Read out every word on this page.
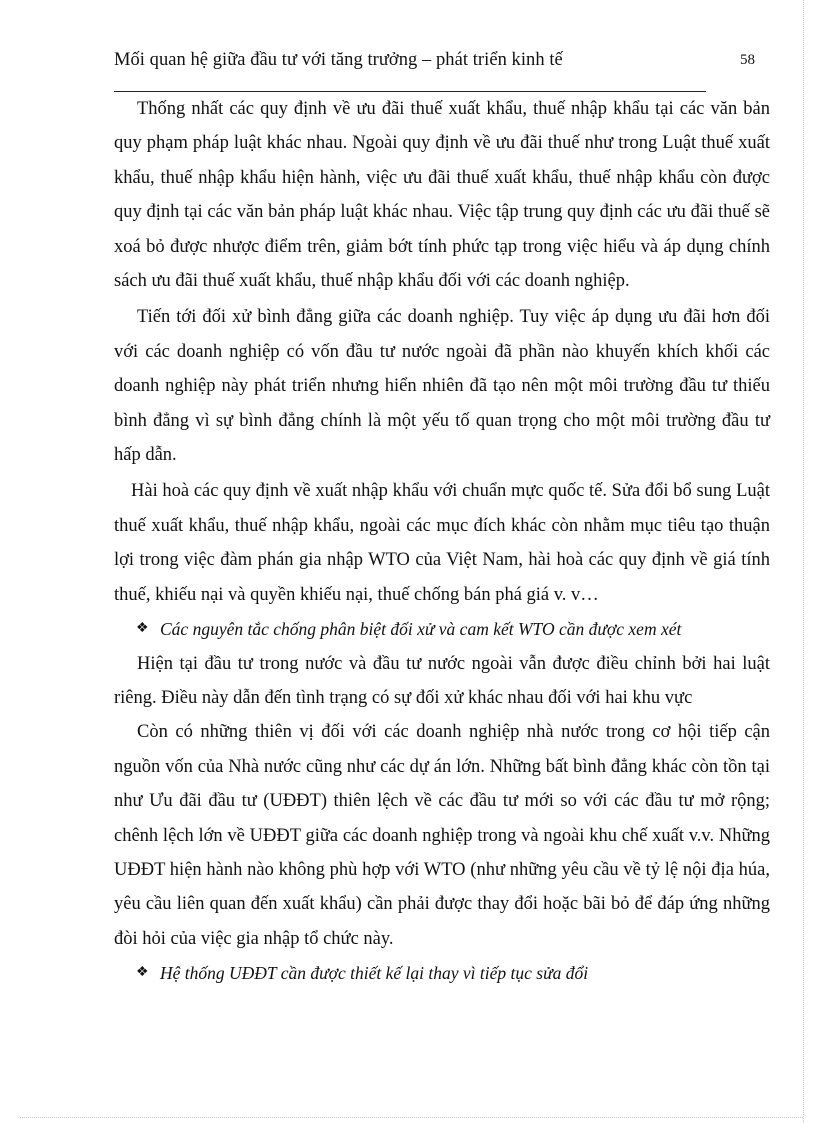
Mối quan hệ giữa đầu tư với tăng trưởng – phát triển kinh tế	58

Thống nhất các quy định về ưu đãi thuế xuất khẩu, thuế nhập khẩu tại các văn bản quy phạm pháp luật khác nhau. Ngoài quy định về ưu đãi thuế như trong Luật thuế xuất khẩu, thuế nhập khẩu hiện hành, việc ưu đãi thuế xuất khẩu, thuế nhập khẩu còn được quy định tại các văn bản pháp luật khác nhau. Việc tập trung quy định các ưu đãi thuế sẽ xoá bỏ được nhược điểm trên, giảm bớt tính phức tạp trong việc hiểu và áp dụng chính sách ưu đãi thuế xuất khẩu, thuế nhập khẩu đối với các doanh nghiệp.

Tiến tới đối xử bình đẳng giữa các doanh nghiệp. Tuy việc áp dụng ưu đãi hơn đối với các doanh nghiệp có vốn đầu tư nước ngoài đã phần nào khuyến khích khối các doanh nghiệp này phát triển nhưng hiển nhiên đã tạo nên một môi trường đầu tư thiếu bình đẳng vì sự bình đẳng chính là một yếu tố quan trọng cho một môi trường đầu tư hấp dẫn.

Hài hoà các quy định về xuất nhập khẩu với chuẩn mực quốc tế. Sửa đổi bổ sung Luật thuế xuất khẩu, thuế nhập khẩu, ngoài các mục đích khác còn nhằm mục tiêu tạo thuận lợi trong việc đàm phán gia nhập WTO của Việt Nam, hài hoà các quy định về giá tính thuế, khiếu nại và quyền khiếu nại, thuế chống bán phá giá v. v…

❖ Các nguyên tắc chống phân biệt đối xử và cam kết WTO cần được xem xét

Hiện tại đầu tư trong nước và đầu tư nước ngoài vẫn được điều chỉnh bởi hai luật riêng. Điều này dẫn đến tình trạng có sự đối xử khác nhau đối với hai khu vực

Còn có những thiên vị đối với các doanh nghiệp nhà nước trong cơ hội tiếp cận nguồn vốn của Nhà nước cũng như các dự án lớn. Những bất bình đẳng khác còn tồn tại như Ưu đãi đầu tư (UĐĐT) thiên lệch về các đầu tư mới so với các đầu tư mở rộng; chênh lệch lớn về UĐĐT giữa các doanh nghiệp trong và ngoài khu chế xuất v.v. Những UĐĐT hiện hành nào không phù hợp với WTO (như những yêu cầu về tỷ lệ nội địa húa, yêu cầu liên quan đến xuất khẩu) cần phải được thay đổi hoặc bãi bỏ để đáp ứng những đòi hỏi của việc gia nhập tổ chức này.

❖ Hệ thống UĐĐT cần được thiết kế lại thay vì tiếp tục sửa đổi
